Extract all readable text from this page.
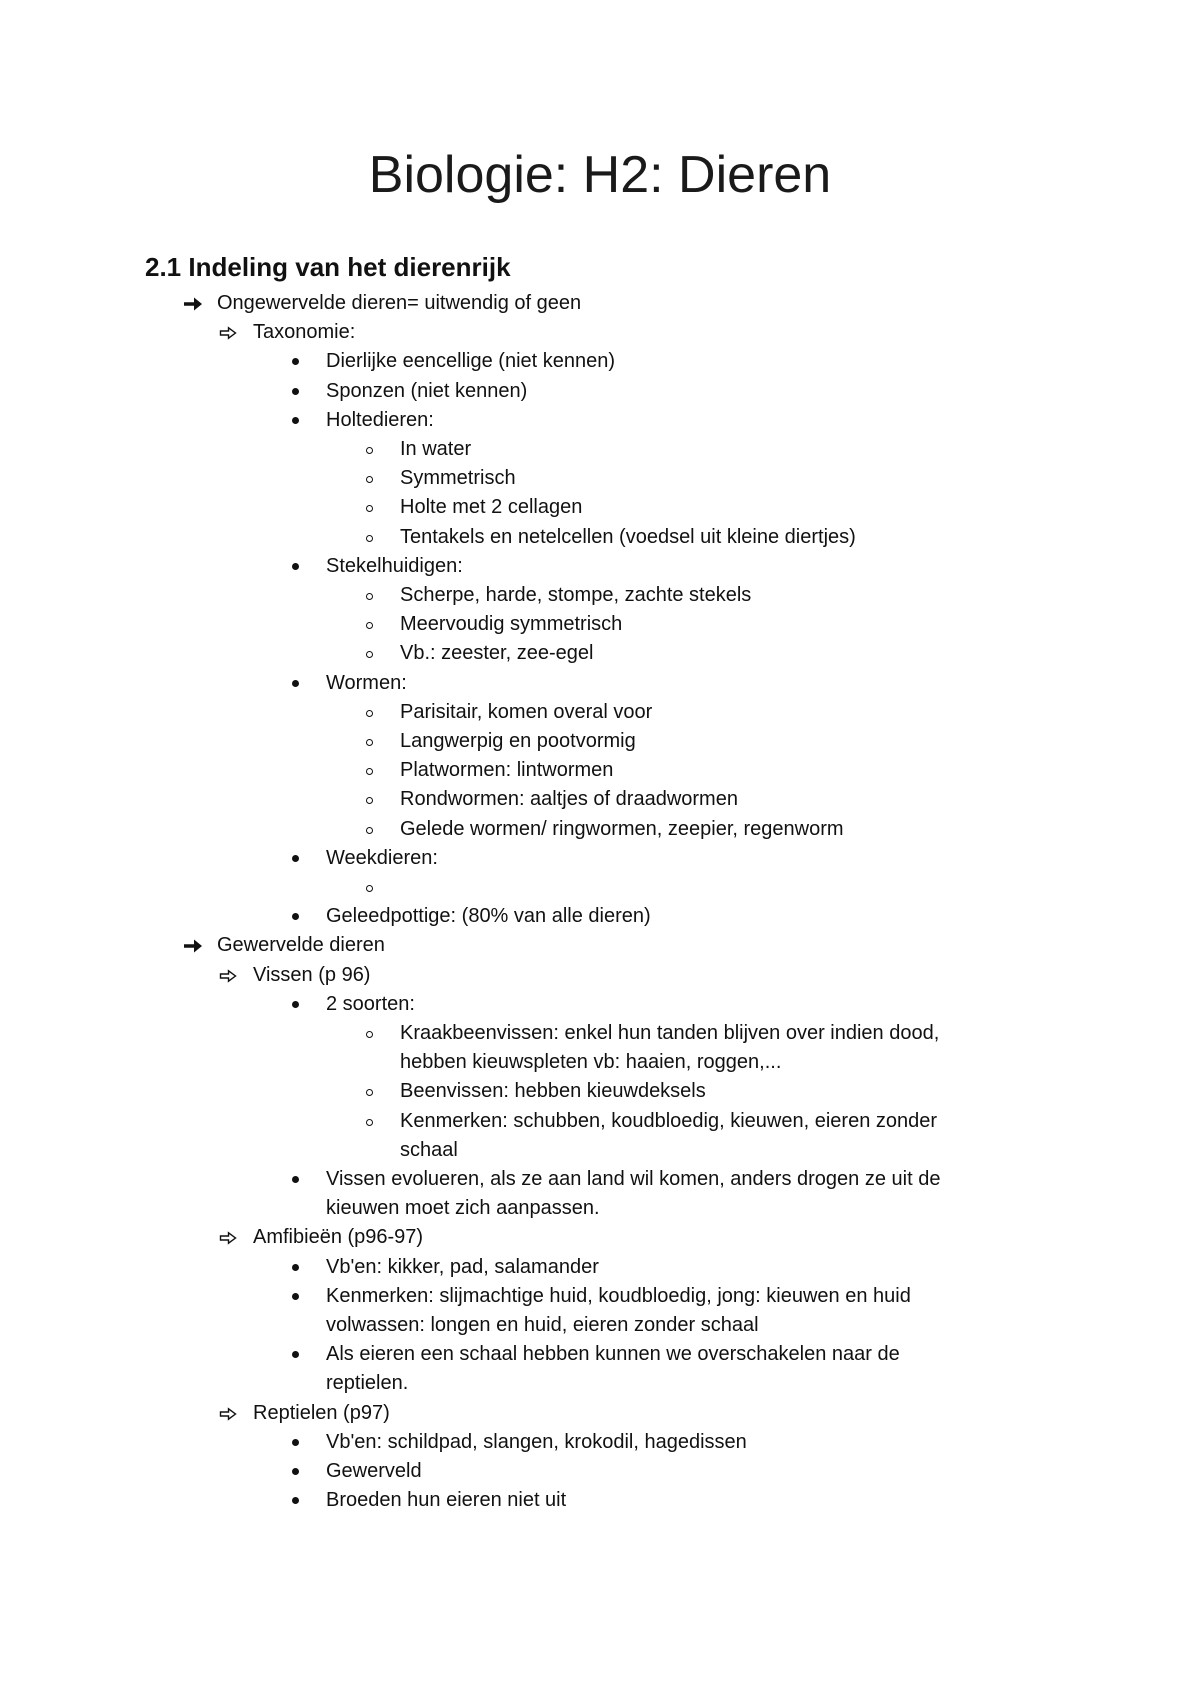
Biologie: H2: Dieren
2.1 Indeling van het dierenrijk
Ongewervelde dieren= uitwendig of geen
Taxonomie:
Dierlijke eencellige (niet kennen)
Sponzen (niet kennen)
Holtedieren:
In water
Symmetrisch
Holte met 2 cellagen
Tentakels en netelcellen (voedsel uit kleine diertjes)
Stekelhuidigen:
Scherpe, harde, stompe, zachte stekels
Meervoudig symmetrisch
Vb.: zeester, zee-egel
Wormen:
Parisitair, komen overal voor
Langwerpig en pootvormig
Platwormen: lintwormen
Rondwormen: aaltjes of draadwormen
Gelede wormen/ ringwormen, zeepier, regenworm
Weekdieren:
Geleedpottige: (80% van alle dieren)
Gewervelde dieren
Vissen (p 96)
2 soorten:
Kraakbeenvissen: enkel hun tanden blijven over indien dood,
hebben kieuwspleten vb: haaien, roggen,...
Beenvissen: hebben kieuwdeksels
Kenmerken: schubben, koudbloedig, kieuwen, eieren zonder
schaal
Vissen evolueren, als ze aan land wil komen, anders drogen ze uit de
kieuwen moet zich aanpassen.
Amfibieën (p96-97)
Vb'en: kikker, pad, salamander
Kenmerken: slijmachtige huid, koudbloedig, jong: kieuwen en huid
volwassen: longen en huid, eieren zonder schaal
Als eieren een schaal hebben kunnen we overschakelen naar de
reptielen.
Reptielen (p97)
Vb'en: schildpad, slangen, krokodil, hagedissen
Gewerveld
Broeden hun eieren niet uit
